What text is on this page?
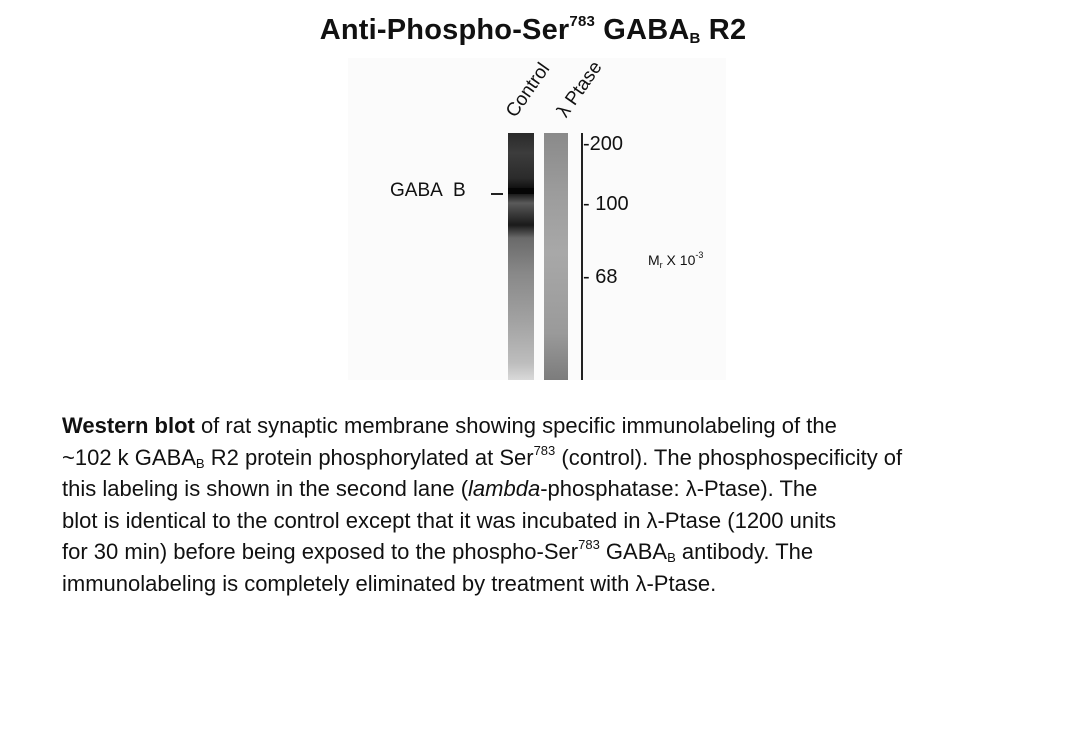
Anti-Phospho-Ser$^{783}$ $GABA_B$ R2
Control
λ Ptase
-200
- 100
- 68
GABA B
$M_r$ X $10^{-3}$
Western blot of rat synaptic membrane showing specific immunolabeling of the
~102 k $GABA_B$ R2 protein phosphorylated at Ser$^{783}$ (control). The phosphospecificity of
this labeling is shown in the second lane (lambda-phosphatase: λ-Ptase). The
blot is identical to the control except that it was incubated in λ-Ptase (1200 units
for 30 min) before being exposed to the phospho-Ser$^{783}$ $GABA_B$ antibody. The
immunolabeling is completely eliminated by treatment with λ-Ptase.
